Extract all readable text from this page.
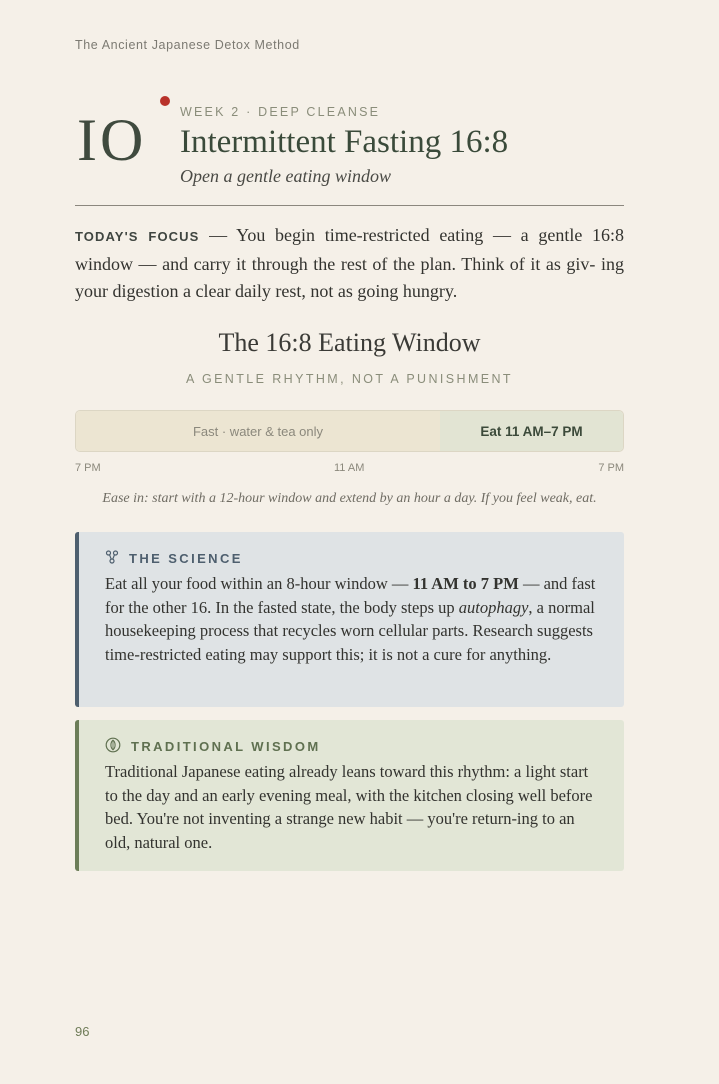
The Ancient Japanese Detox Method
IO	WEEK 2 · DEEP CLEANSE
Intermittent Fasting 16:8
Open a gentle eating window
TODAY'S FOCUS — You begin time-restricted eating — a gentle 16:8 window — and carry it through the rest of the plan. Think of it as giv- ing your digestion a clear daily rest, not as going hungry.
The 16:8 Eating Window
A GENTLE RHYTHM, NOT A PUNISHMENT
Fast · water & tea only	Eat 11 AM–7 PM
7 PM	11 AM	7 PM
Ease in: start with a 12-hour window and extend by an hour a day. If you feel weak, eat.
THE SCIENCE
Eat all your food within an 8-hour window — 11 AM to 7 PM — and fast for the other 16. In the fasted state, the body steps up autophagy, a normal housekeeping process that recycles worn cellular parts. Research suggests time-restricted eating may support this; it is not a cure for anything.
TRADITIONAL WISDOM
Traditional Japanese eating already leans toward this rhythm: a light start to the day and an early evening meal, with the kitchen closing well before bed. You're not inventing a strange new habit — you're return-ing to an old, natural one.
96
